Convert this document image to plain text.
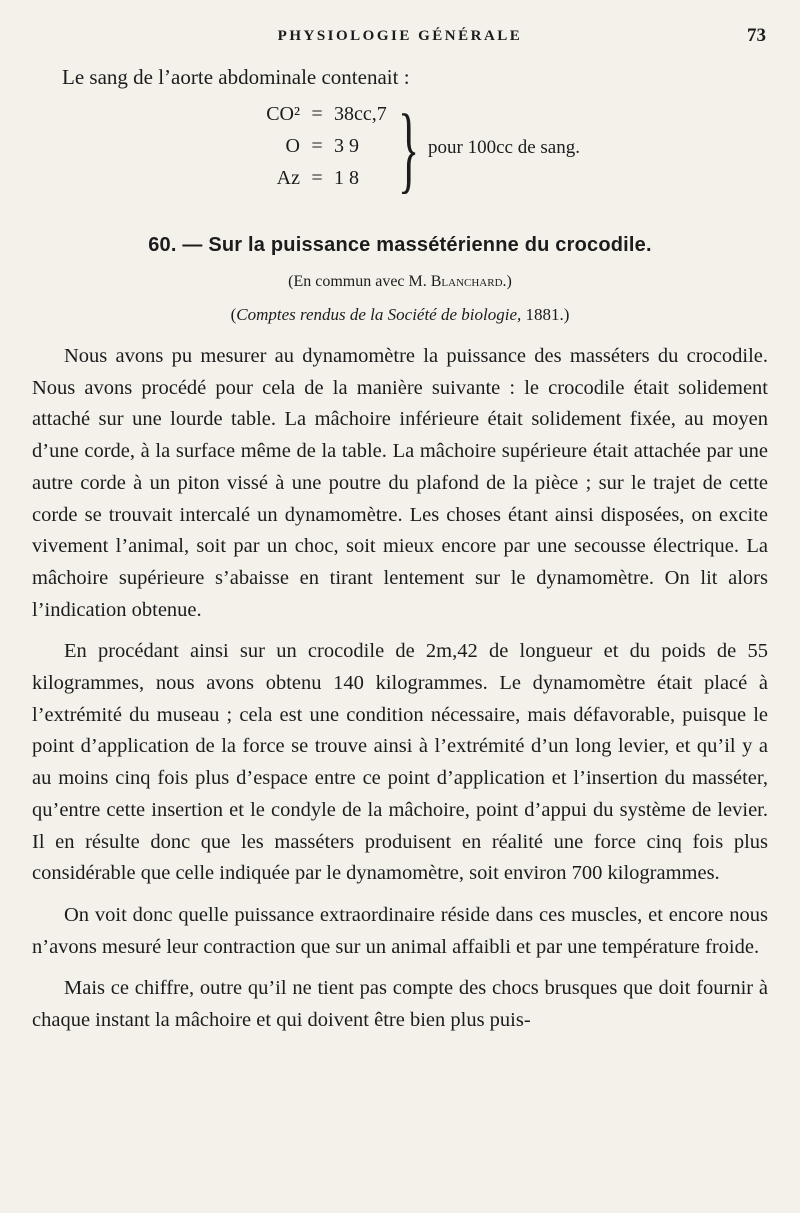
PHYSIOLOGIE GÉNÉRALE	73
Le sang de l’aorte abdominale contenait :
CO² = 38cc,7
O = 3 9
Az = 1 8 } pour 100cc de sang.
60. — Sur la puissance massétérienne du crocodile.
(En commun avec M. Blanchard.)
(Comptes rendus de la Société de biologie, 1881.)

Nous avons pu mesurer au dynamomètre la puissance des masséters du crocodile. Nous avons procédé pour cela de la manière suivante : le crocodile était solidement attaché sur une lourde table. La mâchoire inférieure était solidement fixée, au moyen d’une corde, à la surface même de la table. La mâchoire supérieure était attachée par une autre corde à un piton vissé à une poutre du plafond de la pièce ; sur le trajet de cette corde se trouvait intercalé un dynamomètre. Les choses étant ainsi disposées, on excite vivement l’animal, soit par un choc, soit mieux encore par une secousse électrique. La mâchoire supérieure s’abaisse en tirant lentement sur le dynamomètre. On lit alors l’indication obtenue.

En procédant ainsi sur un crocodile de 2m,42 de longueur et du poids de 55 kilogrammes, nous avons obtenu 140 kilogrammes. Le dynamomètre était placé à l’extrémité du museau ; cela est une condition nécessaire, mais défavorable, puisque le point d’application de la force se trouve ainsi à l’extrémité d’un long levier, et qu’il y a au moins cinq fois plus d’espace entre ce point d’application et l’insertion du masséter, qu’entre cette insertion et le condyle de la mâchoire, point d’appui du système de levier. Il en résulte donc que les masséters produisent en réalité une force cinq fois plus considérable que celle indiquée par le dynamomètre, soit environ 700 kilogrammes.

On voit donc quelle puissance extraordinaire réside dans ces muscles, et encore nous n’avons mesuré leur contraction que sur un animal affaibli et par une température froide.

Mais ce chiffre, outre qu’il ne tient pas compte des chocs brusques que doit fournir à chaque instant la mâchoire et qui doivent être bien plus puis-
